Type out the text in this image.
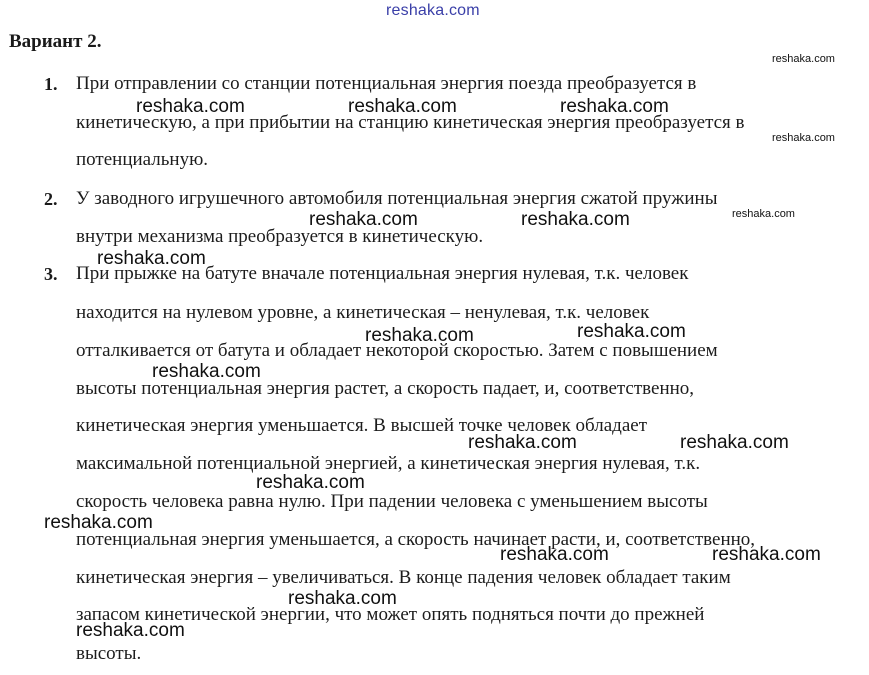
reshaka.com
Вариант 2.
1. При отправлении со станции потенциальная энергия поезда преобразуется в
кинетическую, а при прибытии на станцию кинетическая энергия преобразуется в
потенциальную.
2. У заводного игрушечного автомобиля потенциальная энергия сжатой пружины
внутри механизма преобразуется в кинетическую.
3. При прыжке на батуте вначале потенциальная энергия нулевая, т.к. человек
находится на нулевом уровне, а кинетическая – ненулевая, т.к. человек
отталкивается от батута и обладает некоторой скоростью. Затем с повышением
высоты потенциальная энергия растет, а скорость падает, и, соответственно,
кинетическая энергия уменьшается. В высшей точке человек обладает
максимальной потенциальной энергией, а кинетическая энергия нулевая, т.к.
скорость человека равна нулю. При падении человека с уменьшением высоты
потенциальная энергия уменьшается, а скорость начинает расти, и, соответственно,
кинетическая энергия – увеличиваться. В конце падения человек обладает таким
запасом кинетической энергии, что может опять подняться почти до прежней
высоты.
reshaka.com	reshaka.com	reshaka.com
reshaka.com	reshaka.com
reshaka.com
reshaka.com
reshaka.com
reshaka.com
reshaka.com	reshaka.com
reshaka.com
reshaka.com
reshaka.com	reshaka.com
reshaka.com
reshaka.com
reshaka.com
reshaka.com
reshaka.com
